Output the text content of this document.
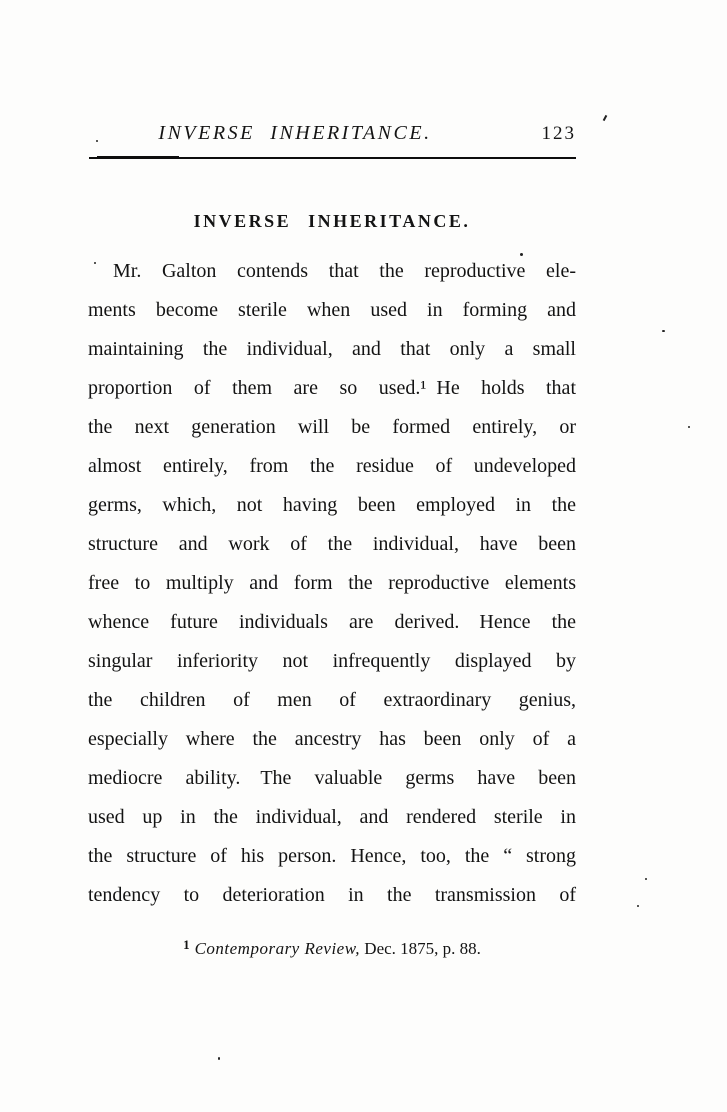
INVERSE INHERITANCE.	123
INVERSE INHERITANCE.
Mr. Galton contends that the reproductive ele-
ments become sterile when used in forming and
maintaining the individual, and that only a small
proportion of them are so used.¹ He holds that
the next generation will be formed entirely, or
almost entirely, from the residue of undeveloped
germs, which, not having been employed in the
structure and work of the individual, have been
free to multiply and form the reproductive elements
whence future individuals are derived. Hence the
singular inferiority not infrequently displayed by
the children of men of extraordinary genius,
especially where the ancestry has been only of a
mediocre ability. The valuable germs have been
used up in the individual, and rendered sterile in
the structure of his person. Hence, too, the “ strong
tendency to deterioration in the transmission of
$^1$ Contemporary Review, Dec. 1875, p. 88.
